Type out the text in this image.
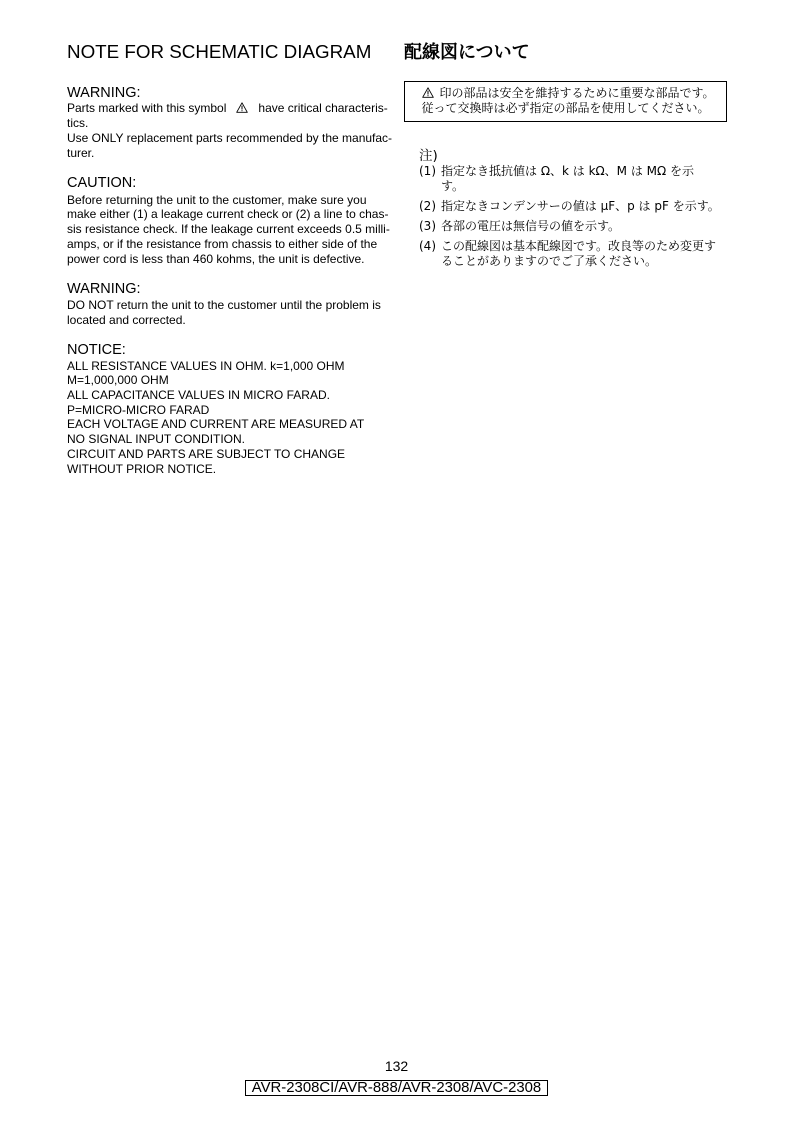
NOTE FOR SCHEMATIC DIAGRAM
WARNING:
Parts marked with this symbol	have critical characteris-
tics.
Use ONLY replacement parts recommended by the manufac-
turer.
CAUTION:
Before returning the unit to the customer, make sure you
make either (1) a leakage current check or (2) a line to chas-
sis resistance check. If the leakage current exceeds 0.5 milli-
amps, or if the resistance from chassis to either side of the
power cord is less than 460 kohms, the unit is defective.
WARNING:
DO NOT return the unit to the customer until the problem is
located and corrected.
NOTICE:
ALL RESISTANCE VALUES IN OHM. k=1,000 OHM
M=1,000,000 OHM
ALL CAPACITANCE VALUES IN MICRO FARAD.
P=MICRO-MICRO FARAD
EACH VOLTAGE AND CURRENT ARE MEASURED AT
NO SIGNAL INPUT CONDITION.
CIRCUIT AND PARTS ARE SUBJECT TO CHANGE
WITHOUT PRIOR NOTICE.
配線図について
印の部品は安全を維持するために重要な部品です。
従って交換時は必ず指定の部品を使用してください。
注)
(1) 指定なき抵抗値は Ω、k は kΩ、M は MΩ を示
す。
(2) 指定なきコンデンサーの値は μF、p は pF を示す。
(3) 各部の電圧は無信号の値を示す。
(4) この配線図は基本配線図です。改良等のため変更す
ることがありますのでご了承ください。
132
AVR-2308CI/AVR-888/AVR-2308/AVC-2308
